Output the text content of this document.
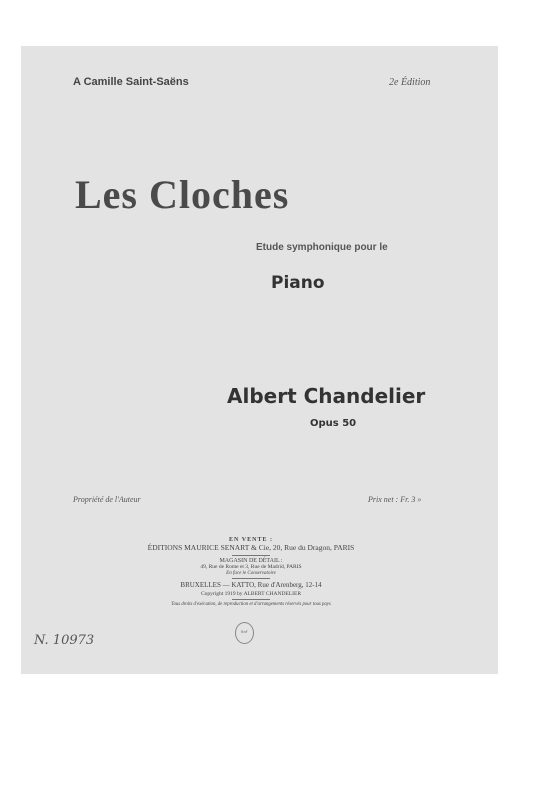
A Camille Saint-Saëns	2e Édition
Les Cloches
Etude symphonique pour le
Piano
Albert Chandelier
Opus 50
Propriété de l'Auteur	Prix net : Fr. 3 »
EN VENTE :
ÉDITIONS MAURICE SENART & Cie, 20, Rue du Dragon, PARIS
MAGASIN DE DÉTAIL :
49, Rue de Rome et 3, Rue de Madrid, PARIS
En face le Conservatoire
BRUXELLES — KATTO, Rue d'Arenberg, 12-14
Copyright 1919 by ALBERT CHANDELIER
Tous droits d'exécution, de reproduction et d'arrangements réservés pour tous pays
BnF
N. 10973
